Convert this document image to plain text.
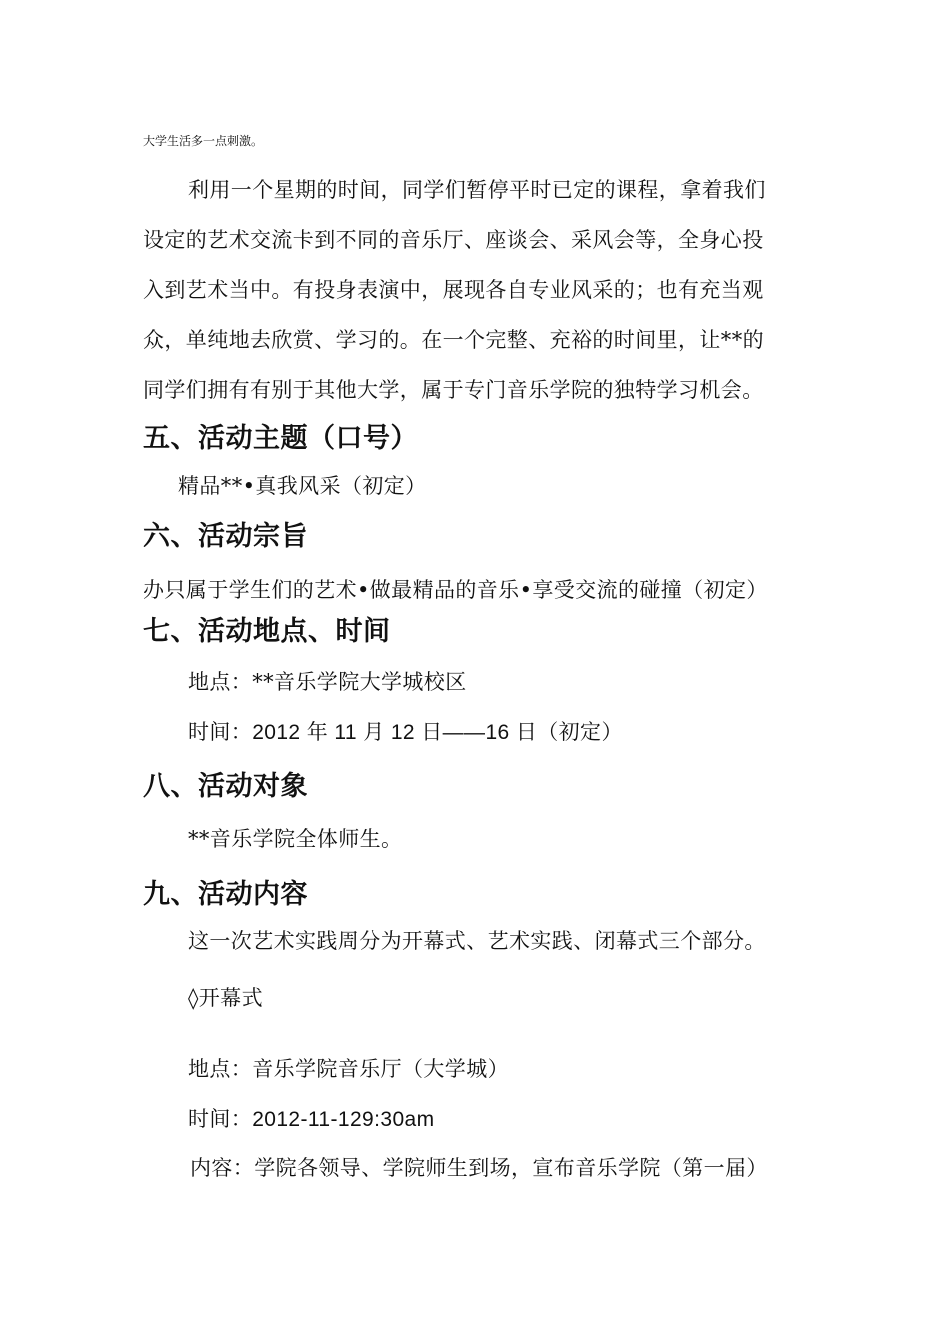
大学生活多一点刺激。
利用一个星期的时间，同学们暂停平时已定的课程，拿着我们
设定的艺术交流卡到不同的音乐厅、座谈会、采风会等，全身心投
入到艺术当中。有投身表演中，展现各自专业风采的；也有充当观
众，单纯地去欣赏、学习的。在一个完整、充裕的时间里，让**的
同学们拥有有别于其他大学，属于专门音乐学院的独特学习机会。
五、活动主题（口号）
精品**•真我风采（初定）
六、活动宗旨
办只属于学生们的艺术•做最精品的音乐•享受交流的碰撞（初定）
七、活动地点、时间
地点：**音乐学院大学城校区
时间：2012 年 11 月 12 日——16 日（初定）
八、活动对象
**音乐学院全体师生。
九、活动内容
这一次艺术实践周分为开幕式、艺术实践、闭幕式三个部分。
◊开幕式
地点：音乐学院音乐厅（大学城）
时间：2012-11-129:30am
内容：学院各领导、学院师生到场，宣布音乐学院（第一届）
